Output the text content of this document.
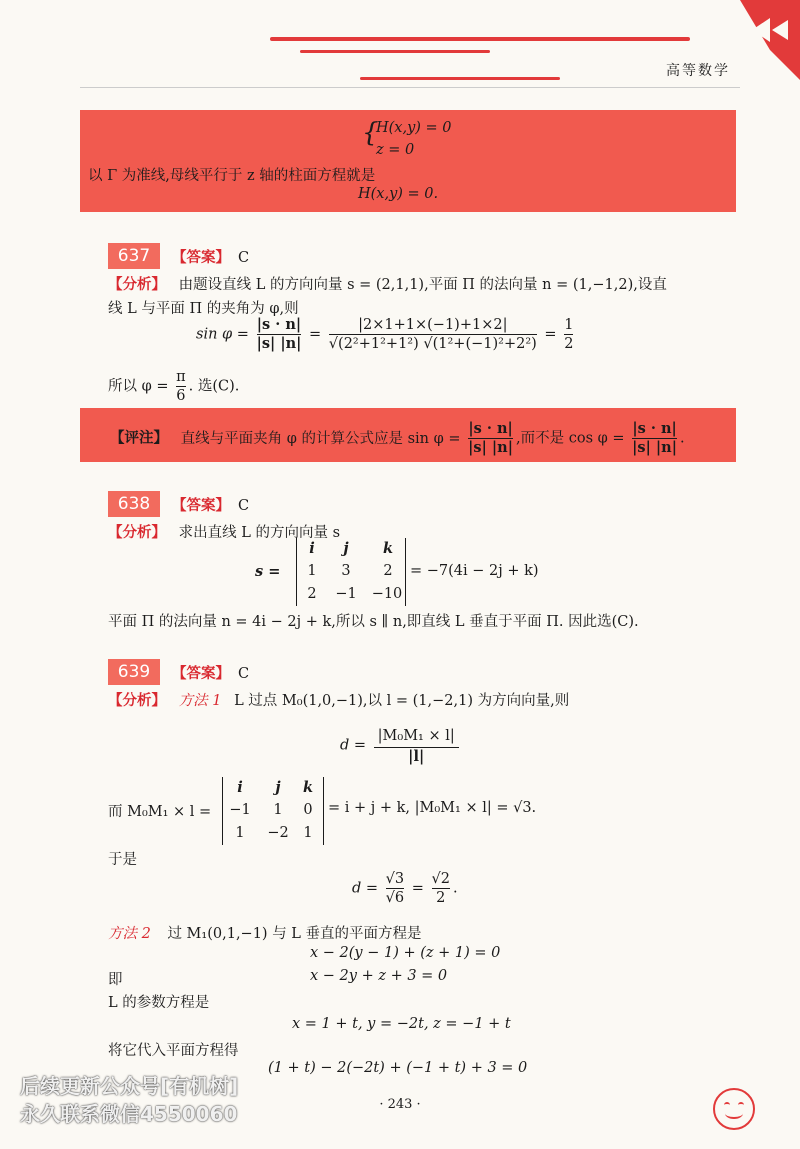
高等数学
{
H(x,y) = 0
z = 0
以 Γ 为准线,母线平行于 z 轴的柱面方程就是
H(x,y) = 0.
637	【答案】 C
【分析】 由题设直线 L 的方向向量 s = (2,1,1),平面 Π 的法向量 n = (1,−1,2),设直
线 L 与平面 Π 的夹角为 φ,则
$\sin \varphi = \frac{|s \cdot n|}{|s| |n|} = \frac{|2\times 1+1\times(-1)+1\times 2|}{\text{√(2²+1²+1²) √(1²+(−1)²+2²)}} = \frac{1}{2}$
所以 $\varphi = \frac{\pi}{6}$ . 选(C).
【评注】 直线与平面夹角 φ 的计算公式应是 $\sin \varphi = \frac{|s \cdot n|}{|s| |n|}$ ,而不是 $\cos \varphi = \frac{|s \cdot n|}{|s| |n|}$ .
638	【答案】 C
【分析】 求出直线 L 的方向向量 s
s =
i	j	k
1	3	2
2	−1	−10
= −7(4i − 2j + k)
平面 Π 的法向量 n = 4i − 2j + k,所以 s ∥ n,即直线 L 垂直于平面 Π. 因此选(C).
639	【答案】 C
【分析】 方法 1 L 过点 M₀(1,0,−1),以 l = (1,−2,1) 为方向向量,则
$d = \frac{\text{|M₀M₁ × l|}}{|l|}$
而 M₀M₁ × l =
i	j	k
−1	1	0
1	−2	1
= i + j + k, |M₀M₁ × l| = √3.
于是
$d = \frac{√3}{√6} = \frac{√2}{2}$ .
方法 2 过 M₁(0,1,−1) 与 L 垂直的平面方程是
x − 2(y − 1) + (z + 1) = 0
即	x − 2y + z + 3 = 0
L 的参数方程是
x = 1 + t, y = −2t, z = −1 + t
将它代入平面方程得
(1 + t) − 2(−2t) + (−1 + t) + 3 = 0
后续更新公众号[有机树]
永久联系微信4550060	· 243 ·
